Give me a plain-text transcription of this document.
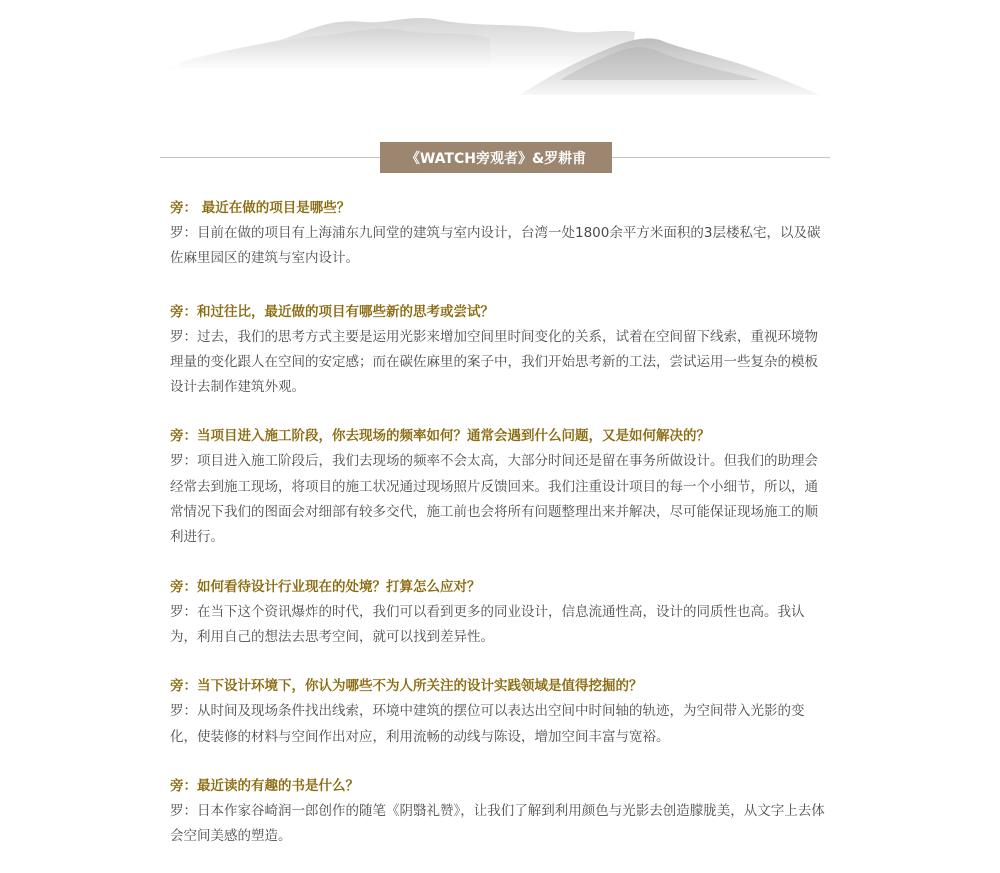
《WATCH旁观者》&罗耕甫
旁： 最近在做的项目是哪些？
罗：目前在做的项目有上海浦东九间堂的建筑与室内设计，台湾一处1800余平方米面积的3层楼私宅，以及碳佐麻里园区的建筑与室内设计。
旁：和过往比，最近做的项目有哪些新的思考或尝试？
罗：过去，我们的思考方式主要是运用光影来增加空间里时间变化的关系，试着在空间留下线索，重视环境物理量的变化跟人在空间的安定感；而在碳佐麻里的案子中，我们开始思考新的工法，尝试运用一些复杂的模板设计去制作建筑外观。
旁：当项目进入施工阶段，你去现场的频率如何？通常会遇到什么问题，又是如何解决的？
罗：项目进入施工阶段后，我们去现场的频率不会太高，大部分时间还是留在事务所做设计。但我们的助理会经常去到施工现场，将项目的施工状况通过现场照片反馈回来。我们注重设计项目的每一个小细节，所以，通常情况下我们的图面会对细部有较多交代，施工前也会将所有问题整理出来并解决，尽可能保证现场施工的顺利进行。
旁：如何看待设计行业现在的处境？打算怎么应对？
罗：在当下这个资讯爆炸的时代，我们可以看到更多的同业设计，信息流通性高，设计的同质性也高。我认为，利用自己的想法去思考空间，就可以找到差异性。
旁：当下设计环境下，你认为哪些不为人所关注的设计实践领域是值得挖掘的？
罗：从时间及现场条件找出线索，环境中建筑的摆位可以表达出空间中时间轴的轨迹，为空间带入光影的变化，使装修的材料与空间作出对应，利用流畅的动线与陈设，增加空间丰富与宽裕。
旁：最近读的有趣的书是什么？
罗：日本作家谷崎润一郎创作的随笔《阴翳礼赞》，让我们了解到利用颜色与光影去创造朦胧美，从文字上去体会空间美感的塑造。
